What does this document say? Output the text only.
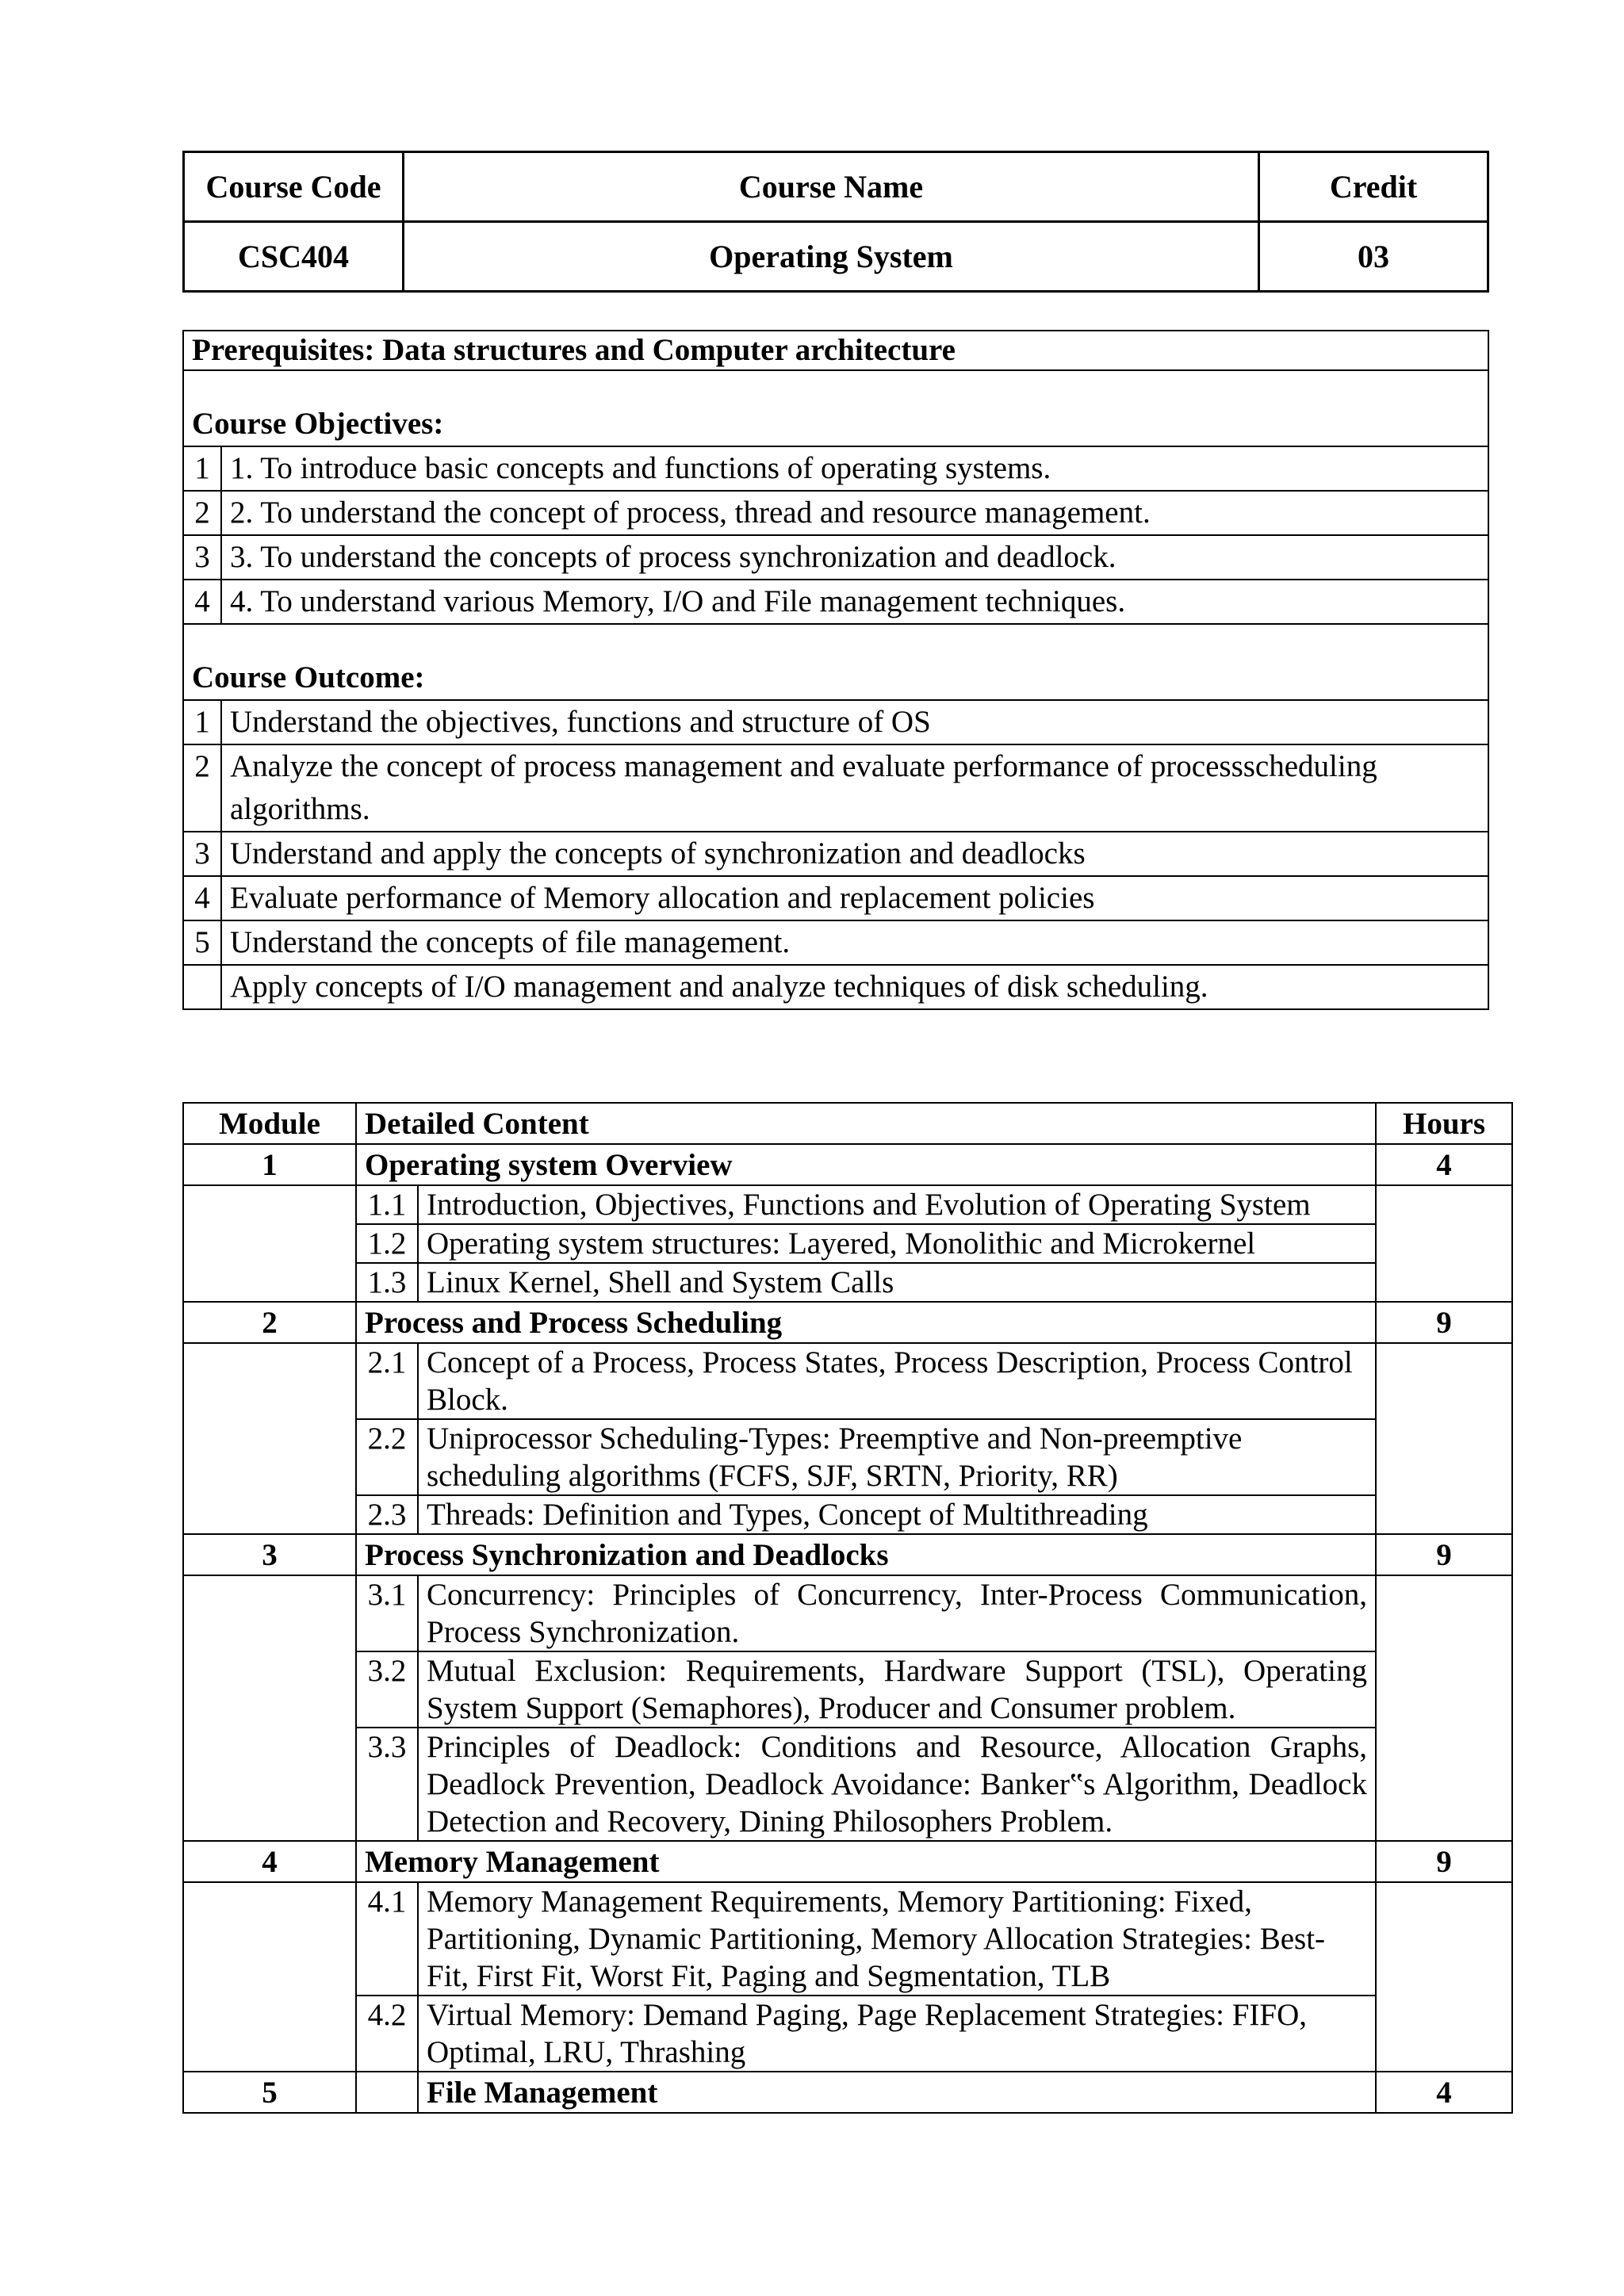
Course Code	Course Name	Credit
CSC404	Operating System	03
Prerequisites: Data structures and Computer architecture	
Course Objectives:	
1	1. To introduce basic concepts and functions of operating systems.
2	2. To understand the concept of process, thread and resource management.
3	3. To understand the concepts of process synchronization and deadlock.
4	4. To understand various Memory, I/O and File management techniques.
Course Outcome:	
1	Understand the objectives, functions and structure of OS
2	Analyze the concept of process management and evaluate performance of processscheduling algorithms.
3	Understand and apply the concepts of synchronization and deadlocks
4	Evaluate performance of Memory allocation and replacement policies
5	Understand the concepts of file management.
	Apply concepts of I/O management and analyze techniques of disk scheduling.
Module	Detailed Content		Hours
1	Operating system Overview		4
	1.1	Introduction, Objectives, Functions and Evolution of Operating System	
	1.2	Operating system structures: Layered, Monolithic and Microkernel	
	1.3	Linux Kernel, Shell and System Calls	
2	Process and Process Scheduling		9
	2.1	Concept of a Process, Process States, Process Description, Process Control Block.	
	2.2	Uniprocessor Scheduling-Types: Preemptive and Non-preemptive scheduling algorithms (FCFS, SJF, SRTN, Priority, RR)	
	2.3	Threads: Definition and Types, Concept of Multithreading	
3	Process Synchronization and Deadlocks		9
	3.1	Concurrency: Principles of Concurrency, Inter-Process Communication, Process Synchronization.	
	3.2	Mutual Exclusion: Requirements, Hardware Support (TSL), Operating System Support (Semaphores), Producer and Consumer problem.	
	3.3	Principles of Deadlock: Conditions and Resource, Allocation Graphs, Deadlock Prevention, Deadlock Avoidance: Banker‟s Algorithm, Deadlock Detection and Recovery, Dining Philosophers Problem.	
4	Memory Management		9
	4.1	Memory Management Requirements, Memory Partitioning: Fixed, Partitioning, Dynamic Partitioning, Memory Allocation Strategies: Best-Fit, First Fit, Worst Fit, Paging and Segmentation, TLB	
	4.2	Virtual Memory: Demand Paging, Page Replacement Strategies: FIFO, Optimal, LRU, Thrashing	
5		File Management	4
